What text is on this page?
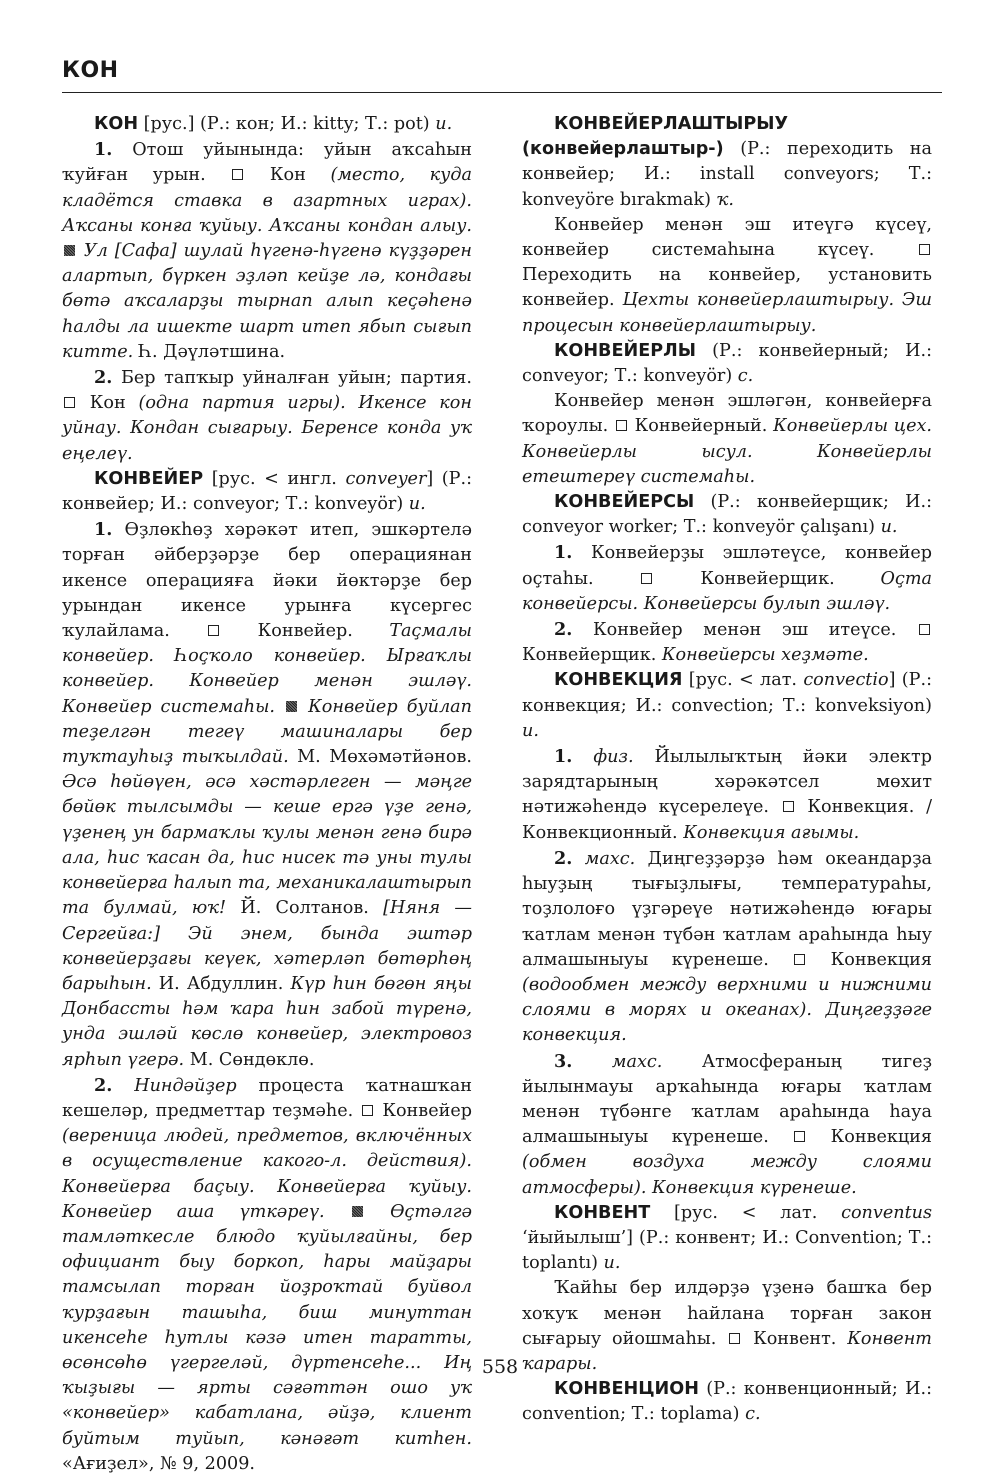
КОН

КОН [рус.] (Р.: кон; И.: kitty; Т.: pot) u.

1. Отош уйынында: уйын аҡсаһын ҡуйған урын.  Кон (место, куда кладётся ставка в азартных играх). Аҡсаны конға ҡуйыу. Аҡсаны кондан алыу.  Ул [Сафа] шулай һүгенә-һүгенә күҙҙәрен алартып, бүркен эҙләп кейҙе лә, кондағы бөтә аҡсаларҙы тырнап алып кеҫәһенә һалды ла ишекте шарт итеп ябып сығып китте. Һ. Дәүләтшина.

2. Бер тапҡыр уйналған уйын; партия.  Кон (одна партия игры). Икенсе кон уйнау. Кондан сығарыу. Беренсе конда уҡ еңелеү.

КОНВЕЙЕР [рус. < ингл. conveyer] (Р.: конвейер; И.: conveyor; Т.: konveyör) u.

1. Өҙлөкһөҙ хәрәкәт итеп, эшкәртелә торған әйберҙәрҙе бер операциянан икенсе операцияға йәки йөктәрҙе бер урындан икенсе урынға күсергес ҡулайлама.  Конвейер. Таҫмалы конвейер. Һоҫҡоло конвейер. Ырғаҡлы конвейер. Конвейер менән эшләү. Конвейер системаһы. Конвейер буйлап теҙелгән тегеү машиналары бер туҡтауһыҙ тыҡылдай. М. Мөхәмәтйәнов. Әсә һөйөүен, әсә хәстәрлеген — мәңге бөйөк тылсымды — кеше ергә үҙе генә, үҙенең ун бармаҡлы ҡулы менән генә бирә ала, һис ҡасан да, һис нисек тә уны тулы конвейерға һалып та, механикалаштырып та булмай, юҡ! Й. Солтанов. [Няня — Сергейға:] Эй энем, бында эштәр конвейерҙағы кеүек, хәтерләп бөтөрһөң барыһын. И. Абдуллин. Күр һин бөгөн яңы Донбассты һәм ҡара һин забой түренә, унда эшләй көслө конвейер, электровоз ярһып үгерә. М. Сөндөклө.

2. Ниндәйҙер процеста ҡатнашҡан кешеләр, предметтар теҙмәһе.  Конвейер (вереница людей, предметов, включённых в осуществление какого-л. действия). Конвейерға баҫыу. Конвейерға ҡуйыу. Конвейер аша үткәреү.	Өҫтәлгә тамләткесле блюдо ҡуйылғайны, бер официант быу боркоп, һары майҙары тамсылап торған йоҙроҡтай буйвол ҡурҙағын ташыһа, биш минуттан икенсеһе һутлы кәзә итен таратты, өсөнсөһө үгергеләй, дүртенсеһе... Иң ҡыҙығы — ярты сәғәттән ошо уҡ «конвейер» кабатлана, әйҙә, клиент буйтым туйып, кәнәғәт китһен. «Ағиҙел», № 9, 2009.

КОНВЕЙЕРЛАШТЫРЫУ (конвейерлаштыр-) (Р.: переходить на конвейер; И.: install conveyors; Т.: konveyöre bırakmak) ҡ.

Конвейер менән эш итеүгә күсеү, конвейер системаһына күсеү.  Переходить на конвейер, установить конвейер. Цехты конвейерлаштырыу. Эш процесын конвейерлаштырыу.

КОНВЕЙЕРЛЫ (Р.: конвейерный; И.: conveyor; Т.: konveyör) с.

Конвейер менән эшләгән, конвейерға ҡороулы.  Конвейерный. Конвейерлы цех. Конвейерлы ысул. Конвейерлы етештереү системаһы.

КОНВЕЙЕРСЫ (Р.: конвейерщик; И.: conveyor worker; Т.: konveyör çalışanı) u.

1. Конвейерҙы эшләтеүсе, конвейер оҫтаһы.  Конвейерщик. Оҫта конвейерсы. Конвейерсы булып эшләү.

2. Конвейер менән эш итеүсе.  Конвейерщик. Конвейерсы хеҙмәте.

КОНВЕКЦИЯ [рус. < лат. convectio] (Р.: конвекция; И.: convection; Т.: konveksiyon) u.

1. физ. Йылылыҡтың йәки электр зарядтарының хәрәкәтсел мөхит нәтижәһендә күсерелеүе.  Конвекция. / Конвекционный. Конвекция ағымы.

2. махс. Диңгеҙҙәрҙә һәм океандарҙа һыуҙың тығыҙлығы, температураһы, тоҙлолоғо үҙгәреүе нәтижәһендә юғары ҡатлам менән түбән ҡатлам араһында һыу алмашыныуы күренеше.  Конвекция (водообмен между верхними и нижними слоями в морях и океанах). Диңгеҙҙәге конвекция.

3. махс. Атмосфераның тигеҙ йылынмауы арҡаһында юғары ҡатлам менән түбәнге ҡатлам араһында һауа алмашыныуы күренеше.  Конвекция (обмен воздуха между слоями атмосферы). Конвекция күренеше.

КОНВЕНТ [рус. < лат. conventus ‘йыйылыш’] (Р.: конвент; И.: Convention; Т.: toplantı) u.

Ҡайһы бер илдәрҙә үҙенә башҡа бер хоҡуҡ менән һайлана торған закон сығарыу ойошмаһы.  Конвент. Конвент ҡарары.

КОНВЕНЦИОН (Р.: конвенционный; И.: convention; Т.: toplama) с.

558
